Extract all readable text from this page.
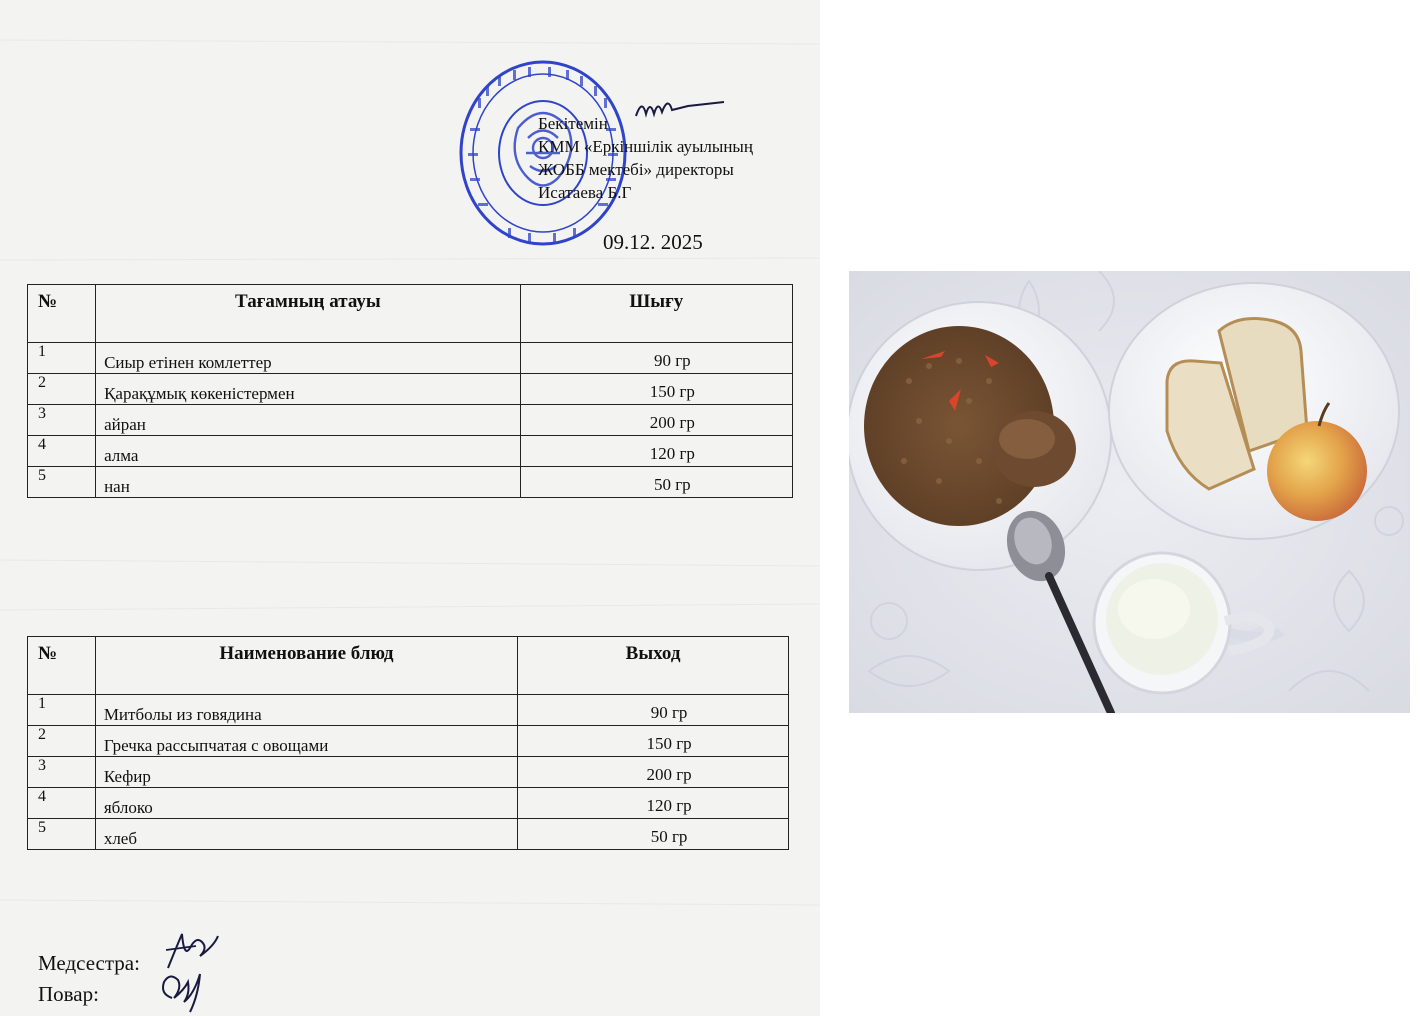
Бекітемін
КММ «Еркіншілік ауылының
ЖОББ мектебі» директоры
Исатаева Б.Г
09.12. 2025
№	Тағамның атауы	Шығу
1	Сиыр етінен комлеттер	90 гр
2	Қарақұмық көкеністермен	150 гр
3	айран	200 гр
4	алма	120 гр
5	нан	50 гр
№	Наименование блюд	Выход
1	Митболы из говядина	90 гр
2	Гречка рассыпчатая с овощами	150 гр
3	Кефир	200 гр
4	яблоко	120 гр
5	хлеб	50 гр
Медсестра:
Повар:
